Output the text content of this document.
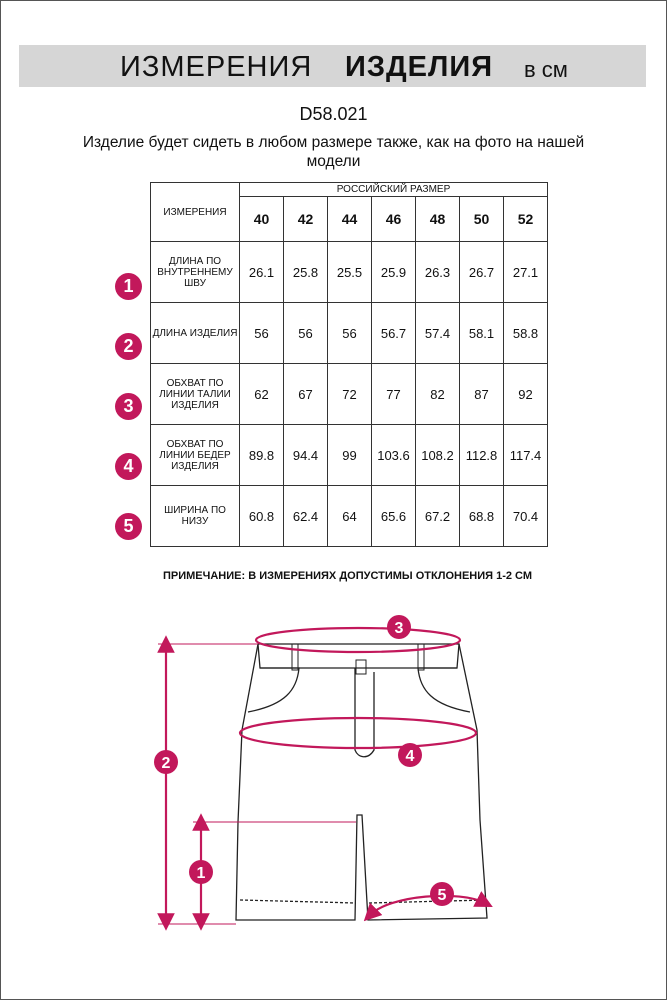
ИЗМЕРЕНИЯ ИЗДЕЛИЯ в см
D58.021
Изделие будет сидеть в любом размере также, как на фото на нашей модели
ИЗМЕРЕНИЯ	РОССИЙСКИЙ РАЗМЕР						
	40	42	44	46	48	50	52
ДЛИНА ПО ВНУТРЕННЕМУ ШВУ	26.1	25.8	25.5	25.9	26.3	26.7	27.1
ДЛИНА ИЗДЕЛИЯ	56	56	56	56.7	57.4	58.1	58.8
ОБХВАТ ПО ЛИНИИ ТАЛИИ ИЗДЕЛИЯ	62	67	72	77	82	87	92
ОБХВАТ ПО ЛИНИИ БЕДЕР ИЗДЕЛИЯ	89.8	94.4	99	103.6	108.2	112.8	117.4
ШИРИНА ПО НИЗУ	60.8	62.4	64	65.6	67.2	68.8	70.4
1
2
3
4
5
ПРИМЕЧАНИЕ: В ИЗМЕРЕНИЯХ ДОПУСТИМЫ ОТКЛОНЕНИЯ 1-2 СМ
3
4
2
1
5
